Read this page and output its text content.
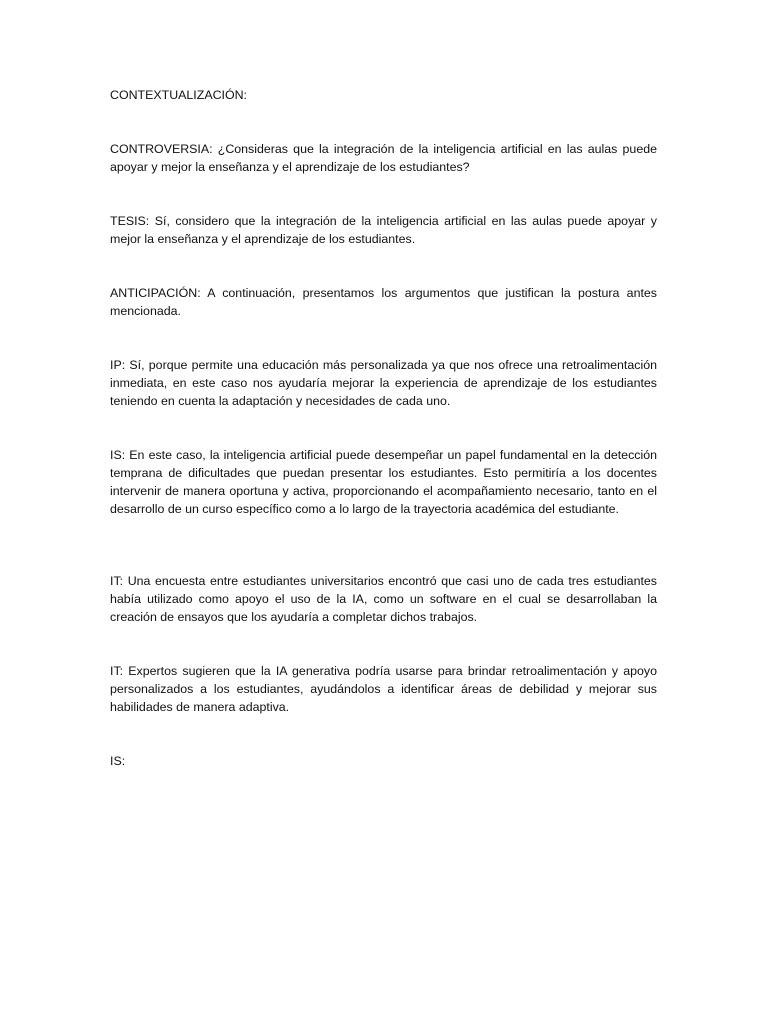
CONTEXTUALIZACIÓN:

CONTROVERSIA: ¿Consideras que la integración de la inteligencia artificial en las aulas puede apoyar y mejor la enseñanza y el aprendizaje de los estudiantes?

TESIS: Sí, considero que la integración de la inteligencia artificial en las aulas puede apoyar y mejor la enseñanza y el aprendizaje de los estudiantes.

ANTICIPACIÓN: A continuación, presentamos los argumentos que justifican la postura antes mencionada.

IP: Sí, porque permite una educación más personalizada ya que nos ofrece una retroalimentación inmediata, en este caso nos ayudaría mejorar la experiencia de aprendizaje de los estudiantes teniendo en cuenta la adaptación y necesidades de cada uno.

IS: En este caso, la inteligencia artificial puede desempeñar un papel fundamental en la detección temprana de dificultades que puedan presentar los estudiantes. Esto permitiría a los docentes intervenir de manera oportuna y activa, proporcionando el acompañamiento necesario, tanto en el desarrollo de un curso específico como a lo largo de la trayectoria académica del estudiante.

IT: Una encuesta entre estudiantes universitarios encontró que casi uno de cada tres estudiantes había utilizado como apoyo el uso de la IA, como un software en el cual se desarrollaban la creación de ensayos que los ayudaría a completar dichos trabajos.

IT: Expertos sugieren que la IA generativa podría usarse para brindar retroalimentación y apoyo personalizados a los estudiantes, ayudándolos a identificar áreas de debilidad y mejorar sus habilidades de manera adaptiva.

IS:
